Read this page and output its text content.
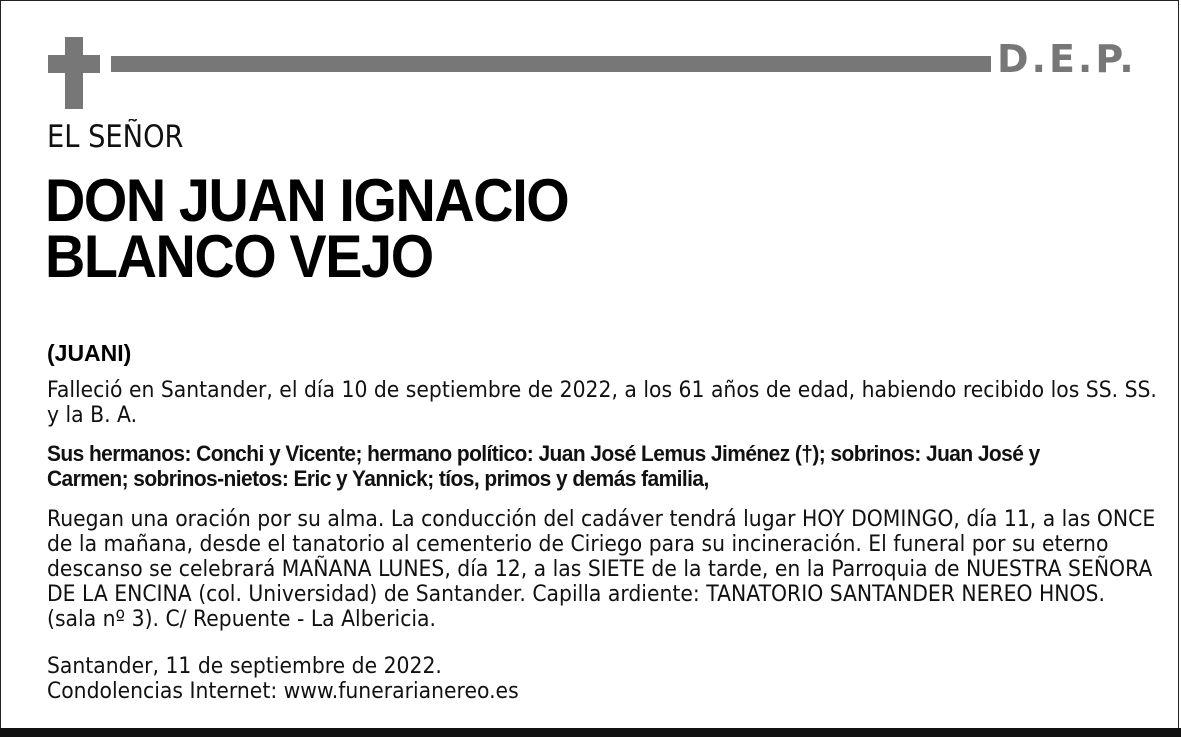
D.E.P.
EL SEÑOR
DON JUAN IGNACIO
BLANCO VEJO
(JUANI)
Falleció en Santander, el día 10 de septiembre de 2022, a los 61 años de edad, habiendo recibido los SS. SS.
y la B. A.
Sus hermanos: Conchi y Vicente; hermano político: Juan José Lemus Jiménez (†); sobrinos: Juan José y
Carmen; sobrinos-nietos: Eric y Yannick; tíos, primos y demás familia,
Ruegan una oración por su alma. La conducción del cadáver tendrá lugar HOY DOMINGO, día 11, a las ONCE
de la mañana, desde el tanatorio al cementerio de Ciriego para su incineración. El funeral por su eterno
descanso se celebrará MAÑANA LUNES, día 12, a las SIETE de la tarde, en la Parroquia de NUESTRA SEÑORA
DE LA ENCINA (col. Universidad) de Santander. Capilla ardiente: TANATORIO SANTANDER NEREO HNOS.
(sala nº 3). C/ Repuente - La Albericia.
Santander, 11 de septiembre de 2022.
Condolencias Internet: www.funerarianereo.es
